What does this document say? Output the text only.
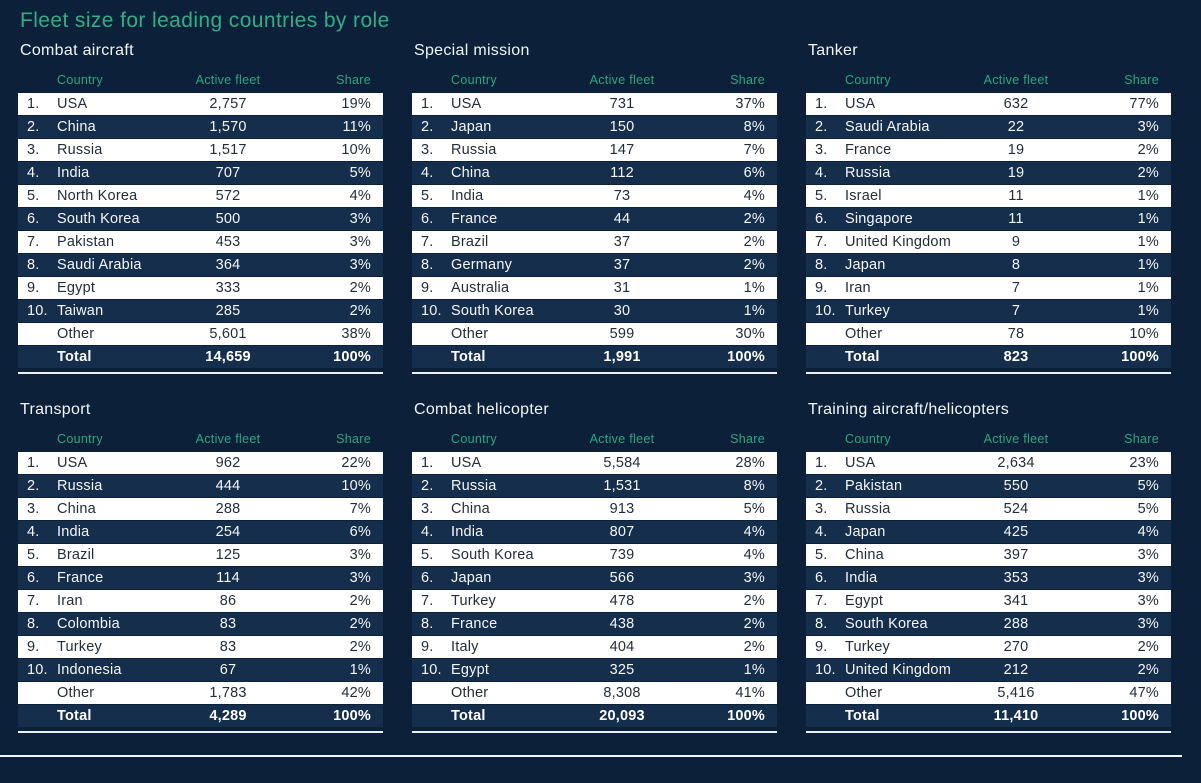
Fleet size for leading countries by role
Combat aircraft
Country	Active fleet	Share
1.	USA	2,757	19%
2.	China	1,570	11%
3.	Russia	1,517	10%
4.	India	707	5%
5.	North Korea	572	4%
6.	South Korea	500	3%
7.	Pakistan	453	3%
8.	Saudi Arabia	364	3%
9.	Egypt	333	2%
10. Taiwan	285	2%
Other	5,601	38%
Total	14,659	100%
Special mission
Country	Active fleet	Share
1.	USA	731	37%
2.	Japan	150	8%
3.	Russia	147	7%
4.	China	112	6%
5.	India	73	4%
6.	France	44	2%
7.	Brazil	37	2%
8.	Germany	37	2%
9.	Australia	31	1%
10. South Korea	30	1%
Other	599	30%
Total	1,991	100%
Tanker
Country	Active fleet	Share
1.	USA	632	77%
2.	Saudi Arabia	22	3%
3.	France	19	2%
4.	Russia	19	2%
5.	Israel	11	1%
6.	Singapore	11	1%
7.	United Kingdom	9	1%
8.	Japan	8	1%
9.	Iran	7	1%
10. Turkey	7	1%
Other	78	10%
Total	823	100%
Transport
Country	Active fleet	Share
1.	USA	962	22%
2.	Russia	444	10%
3.	China	288	7%
4.	India	254	6%
5.	Brazil	125	3%
6.	France	114	3%
7.	Iran	86	2%
8.	Colombia	83	2%
9.	Turkey	83	2%
10. Indonesia	67	1%
Other	1,783	42%
Total	4,289	100%
Combat helicopter
Country	Active fleet	Share
1.	USA	5,584	28%
2.	Russia	1,531	8%
3.	China	913	5%
4.	India	807	4%
5.	South Korea	739	4%
6.	Japan	566	3%
7.	Turkey	478	2%
8.	France	438	2%
9.	Italy	404	2%
10. Egypt	325	1%
Other	8,308	41%
Total	20,093	100%
Training aircraft/helicopters
Country	Active fleet	Share
1.	USA	2,634	23%
2.	Pakistan	550	5%
3.	Russia	524	5%
4.	Japan	425	4%
5.	China	397	3%
6.	India	353	3%
7.	Egypt	341	3%
8.	South Korea	288	3%
9.	Turkey	270	2%
10. United Kingdom	212	2%
Other	5,416	47%
Total	11,410	100%
